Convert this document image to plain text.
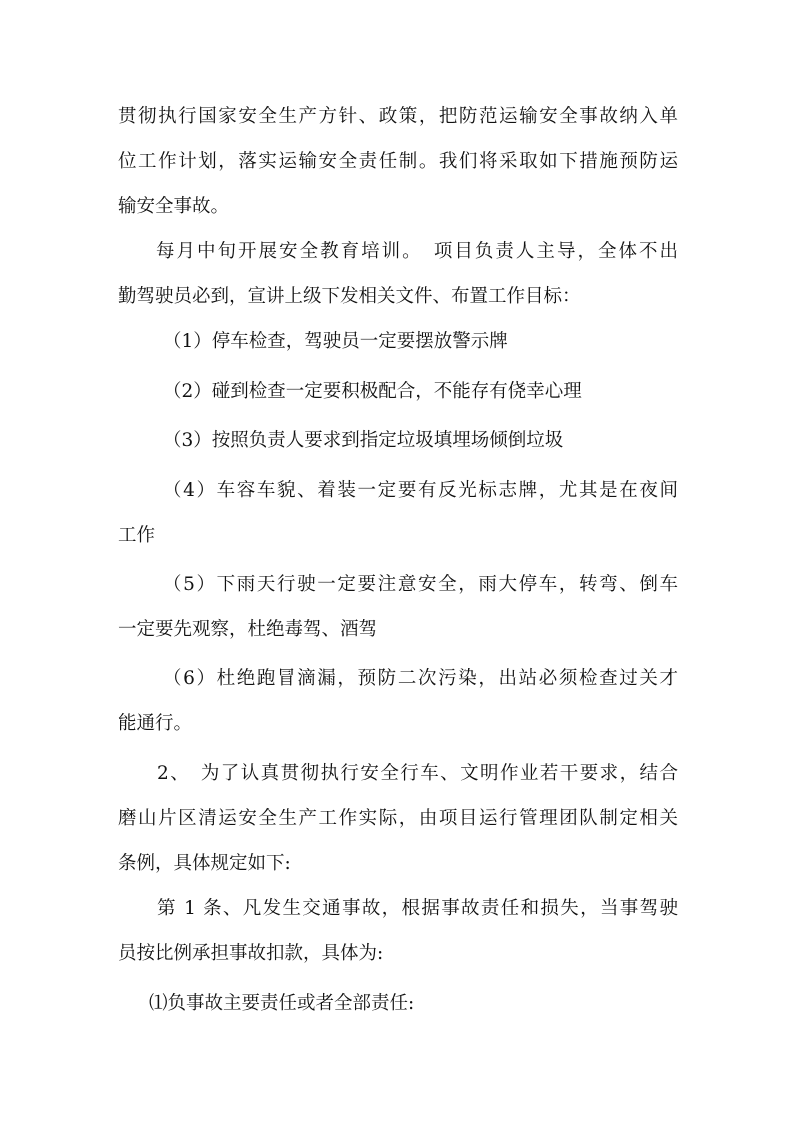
贯彻执行国家安全生产方针、政策，把防范运输安全事故纳入单
位工作计划，落实运输安全责任制。我们将采取如下措施预防运
输安全事故。
每月中旬开展安全教育培训。　项目负责人主导，全体不出
勤驾驶员必到，宣讲上级下发相关文件、布置工作目标：
（1）停车检查，驾驶员一定要摆放警示牌
（2）碰到检查一定要积极配合，不能存有侥幸心理
（3）按照负责人要求到指定垃圾填埋场倾倒垃圾
（4）车容车貌、着装一定要有反光标志牌，尤其是在夜间
工作
（5）下雨天行驶一定要注意安全，雨大停车，转弯、倒车
一定要先观察，杜绝毒驾、酒驾
（6）杜绝跑冒滴漏，预防二次污染，出站必须检查过关才
能通行。
2、　为了认真贯彻执行安全行车、文明作业若干要求，结合
磨山片区清运安全生产工作实际，由项目运行管理团队制定相关
条例，具体规定如下:
第 1 条、凡发生交通事故，根据事故责任和损失，当事驾驶
员按比例承担事故扣款，具体为:
⑴负事故主要责任或者全部责任:
